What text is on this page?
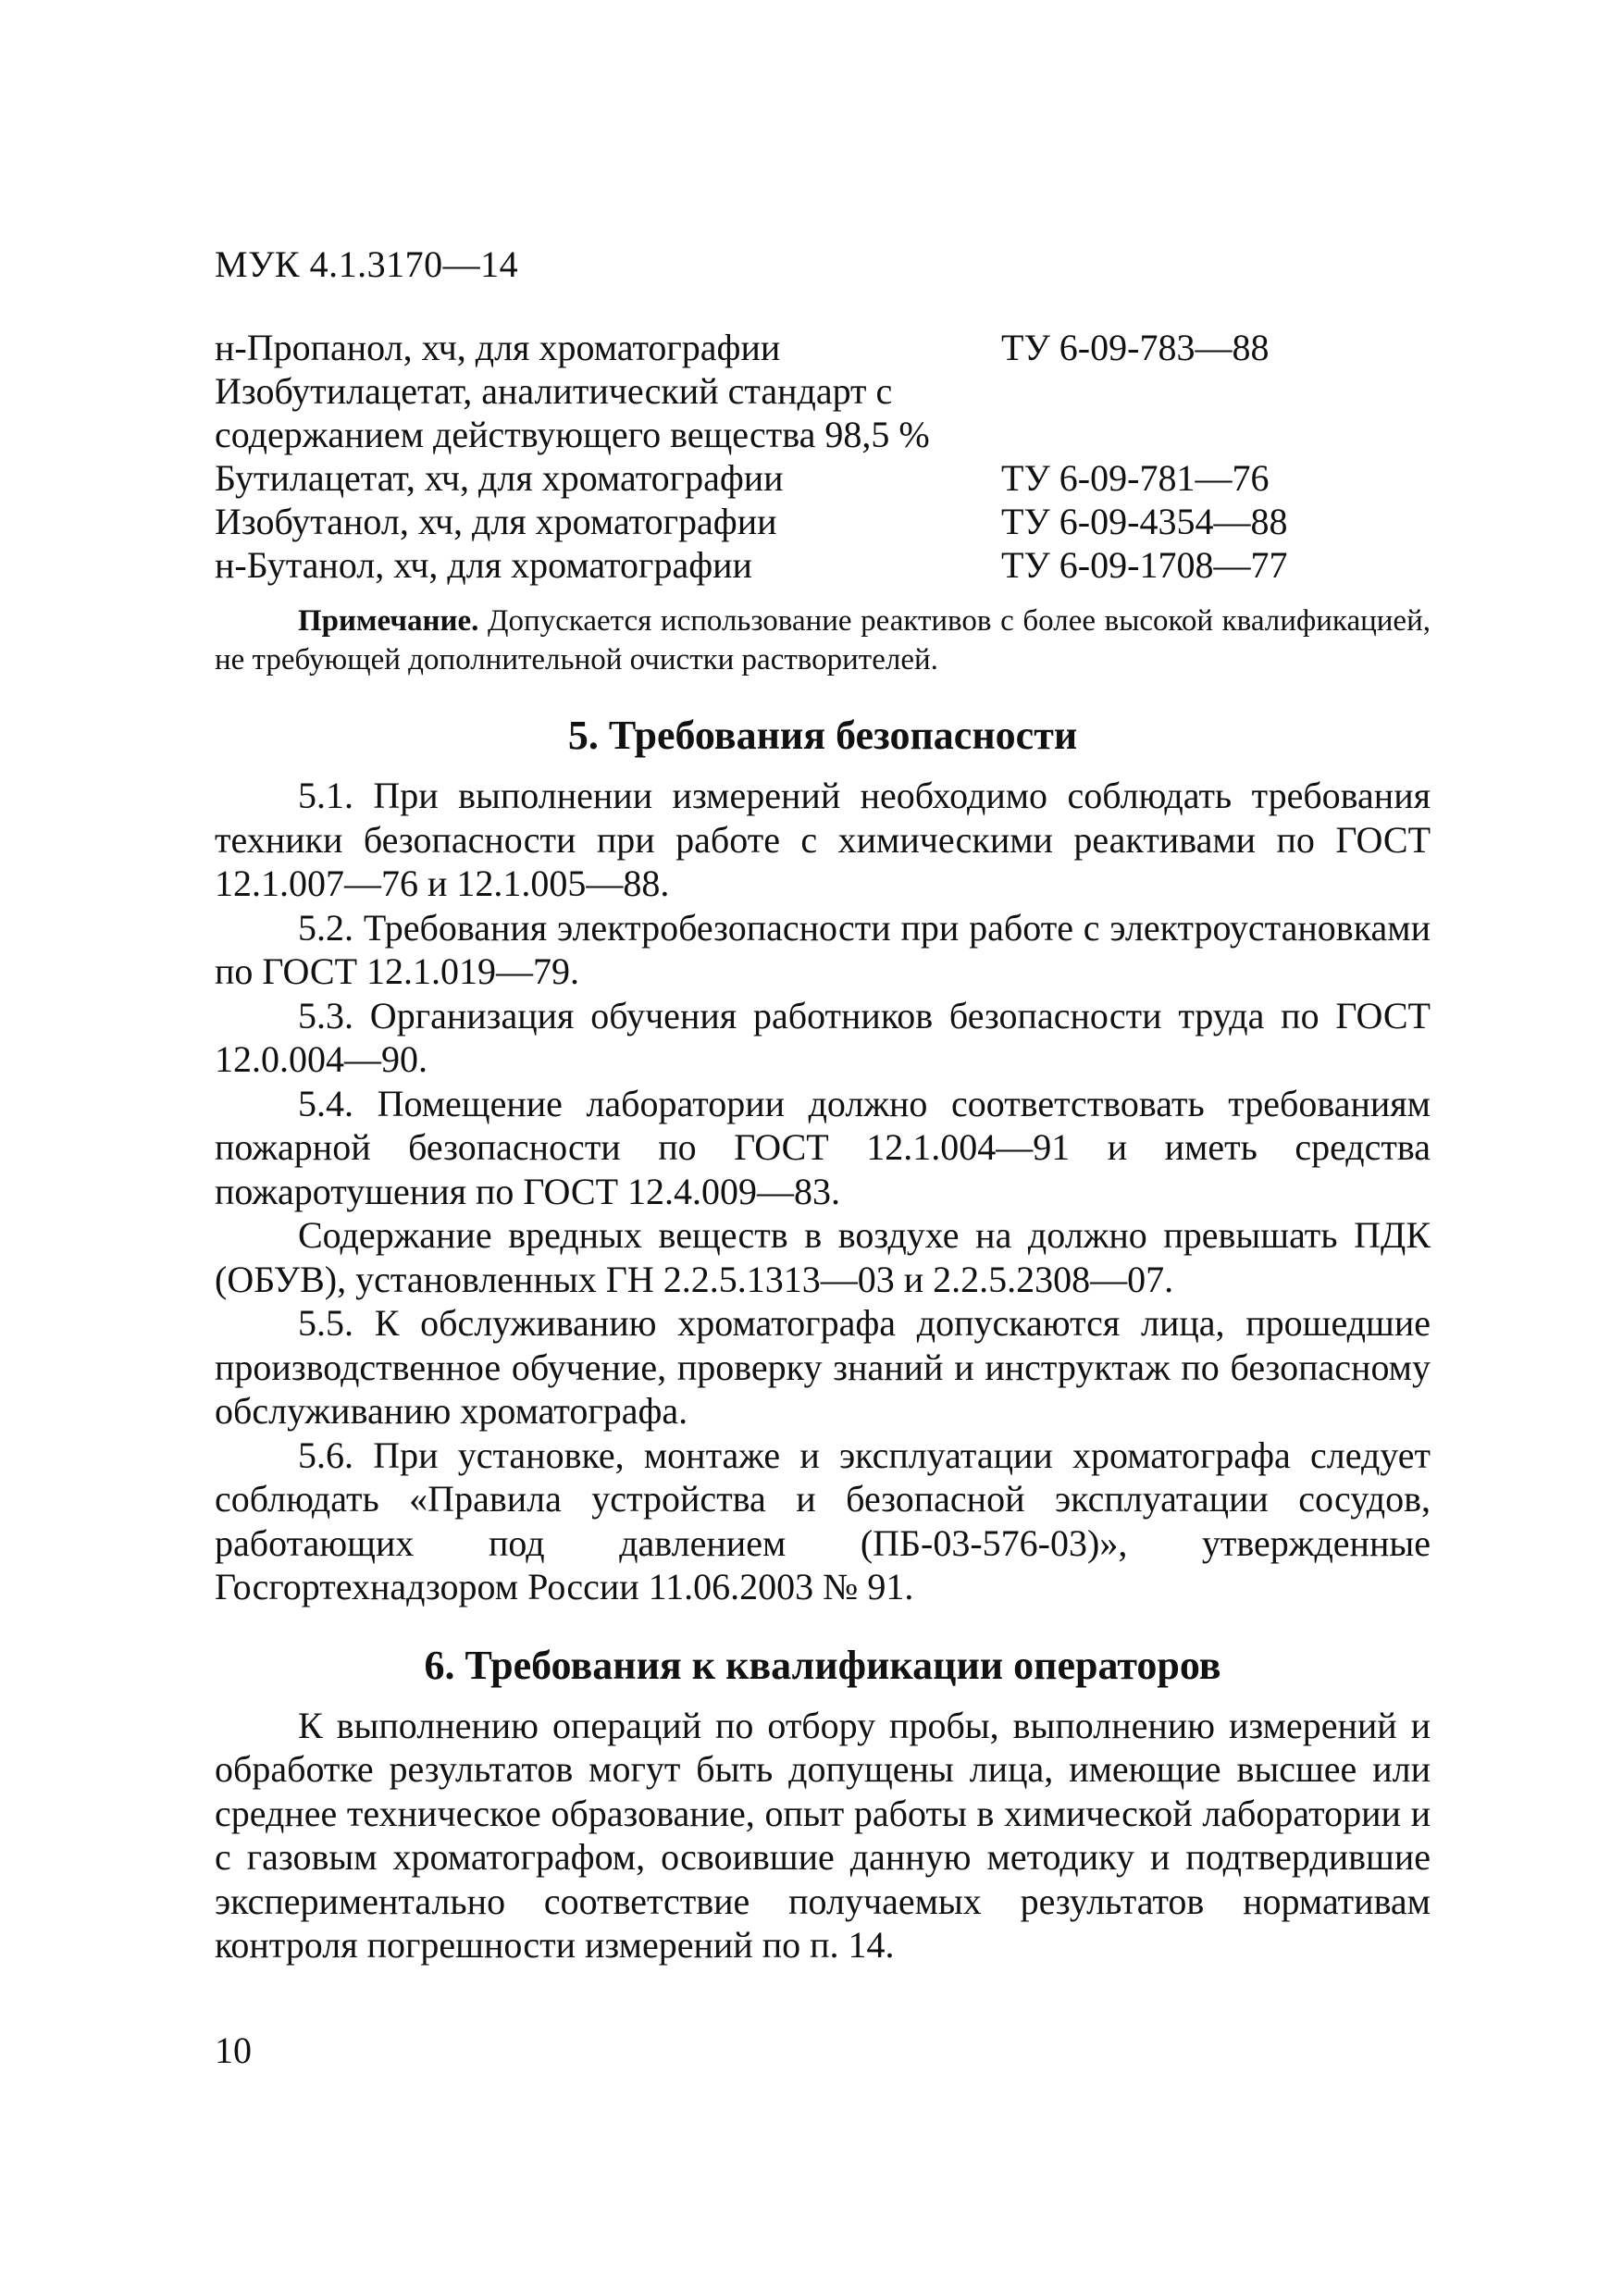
МУК 4.1.3170—14
н-Пропанол, хч, для хроматографии	ТУ 6-09-783—88
Изобутилацетат, аналитический стандарт с
содержанием действующего вещества 98,5 %
Бутилацетат, хч, для хроматографии	ТУ 6-09-781—76
Изобутанол, хч, для хроматографии	ТУ 6-09-4354—88
н-Бутанол, хч, для хроматографии	ТУ 6-09-1708—77

Примечание. Допускается использование реактивов с более высокой квалификацией, не требующей дополнительной очистки растворителей.

5. Требования безопасности

5.1. При выполнении измерений необходимо соблюдать требования техники безопасности при работе с химическими реактивами по ГОСТ 12.1.007—76 и 12.1.005—88.

5.2. Требования электробезопасности при работе с электроустановками по ГОСТ 12.1.019—79.

5.3. Организация обучения работников безопасности труда по ГОСТ 12.0.004—90.

5.4. Помещение лаборатории должно соответствовать требованиям пожарной безопасности по ГОСТ 12.1.004—91 и иметь средства пожаротушения по ГОСТ 12.4.009—83.

Содержание вредных веществ в воздухе на должно превышать ПДК (ОБУВ), установленных ГН 2.2.5.1313—03 и 2.2.5.2308—07.

5.5. К обслуживанию хроматографа допускаются лица, прошедшие производственное обучение, проверку знаний и инструктаж по безопасному обслуживанию хроматографа.

5.6. При установке, монтаже и эксплуатации хроматографа следует соблюдать «Правила устройства и безопасной эксплуатации сосудов, работающих под давлением (ПБ-03-576-03)», утвержденные Госгортехнадзором России 11.06.2003 № 91.

6. Требования к квалификации операторов

К выполнению операций по отбору пробы, выполнению измерений и обработке результатов могут быть допущены лица, имеющие высшее или среднее техническое образование, опыт работы в химической лаборатории и с газовым хроматографом, освоившие данную методику и подтвердившие экспериментально соответствие получаемых результатов нормативам контроля погрешности измерений по п. 14.

10
